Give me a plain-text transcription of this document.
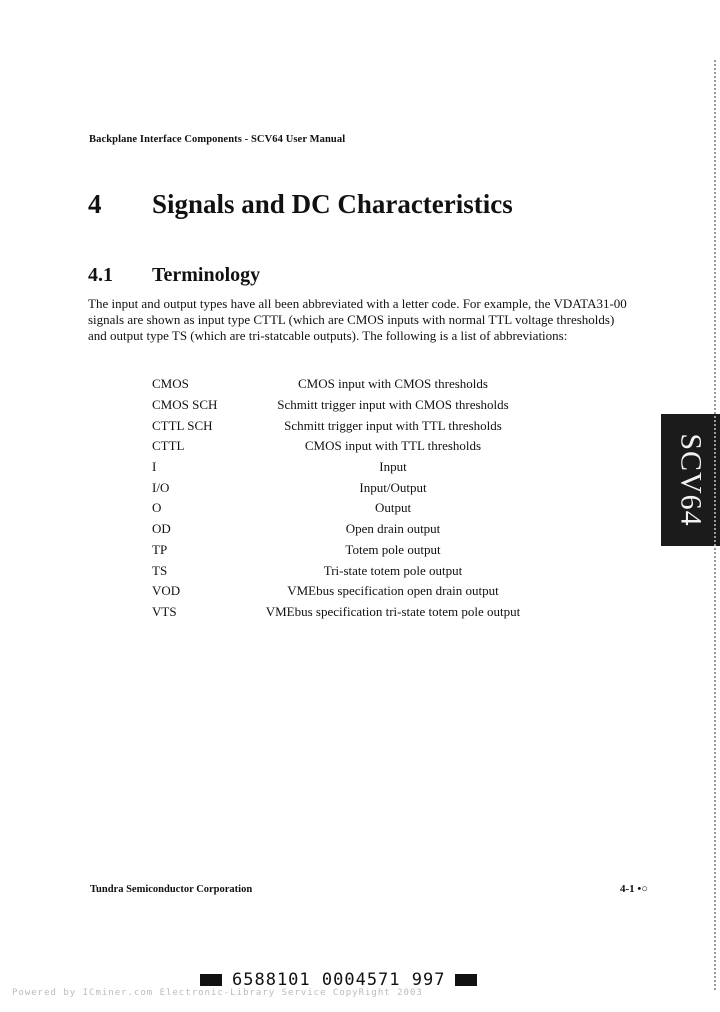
Backplane Interface Components - SCV64 User Manual
4 Signals and DC Characteristics
4.1 Terminology

The input and output types have all been abbreviated with a letter code. For example, the VDATA31-00 signals are shown as input type CTTL (which are CMOS inputs with normal TTL voltage thresholds) and output type TS (which are tri-statcable outputs). The following is a list of abbreviations:

CMOS	CMOS input with CMOS thresholds
CMOS SCH	Schmitt trigger input with CMOS thresholds
CTTL SCH	Schmitt trigger input with TTL thresholds
CTTL	CMOS input with TTL thresholds
I	Input
I/O	Input/Output
O	Output
OD	Open drain output
TP	Totem pole output
TS	Tri-state totem pole output
VOD	VMEbus specification open drain output
VTS	VMEbus specification tri-state totem pole output
SCV64
Tundra Semiconductor Corporation	4-1 •○
6588101 0004571 997
Powered by ICminer.com Electronic-Library Service CopyRight 2003
